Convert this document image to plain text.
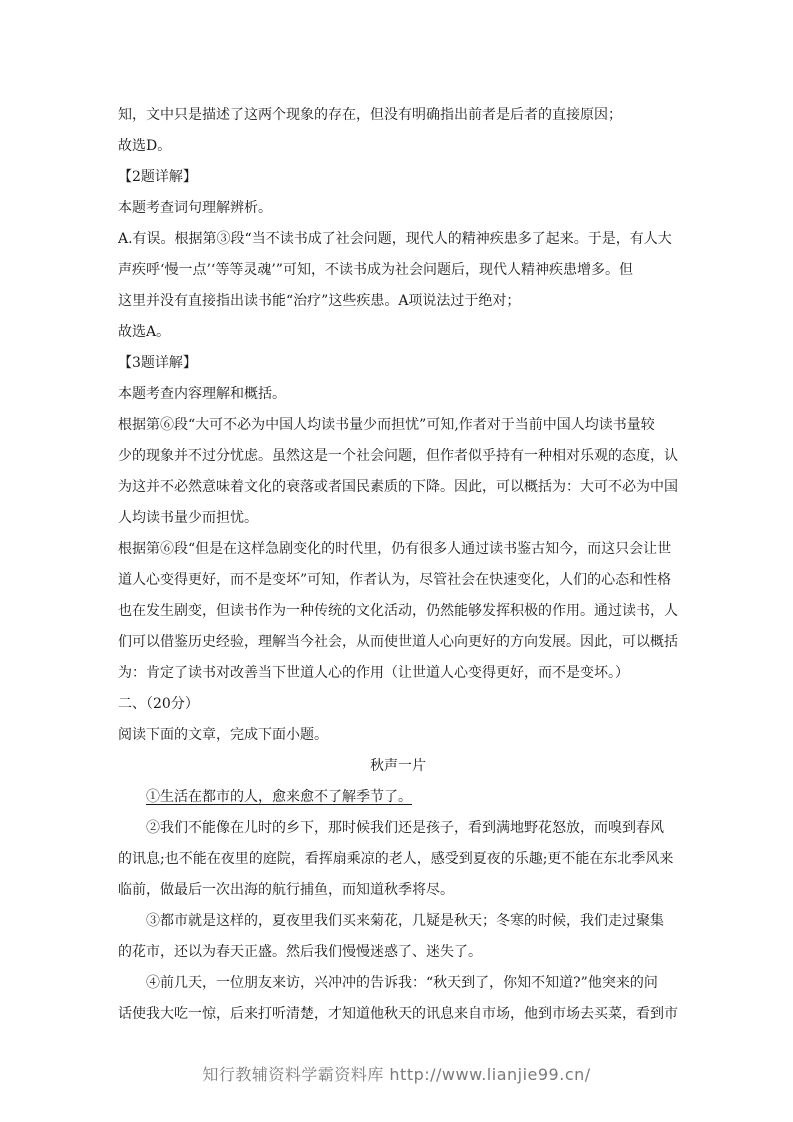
知，文中只是描述了这两个现象的存在，但没有明确指出前者是后者的直接原因；
故选D。
【2题详解】
本题考查词句理解辨析。
A.有误。根据第③段“当不读书成了社会问题，现代人的精神疾患多了起来。于是，有人大
声疾呼‘慢一点’‘等等灵魂’”可知，不读书成为社会问题后，现代人精神疾患增多。但
这里并没有直接指出读书能“治疗”这些疾患。A项说法过于绝对；
故选A。
【3题详解】
本题考查内容理解和概括。
根据第⑥段“大可不必为中国人均读书量少而担忧”可知,作者对于当前中国人均读书量较
少的现象并不过分忧虑。虽然这是一个社会问题，但作者似乎持有一种相对乐观的态度，认
为这并不必然意味着文化的衰落或者国民素质的下降。因此，可以概括为：大可不必为中国
人均读书量少而担忧。
根据第⑥段“但是在这样急剧变化的时代里，仍有很多人通过读书鉴古知今，而这只会让世
道人心变得更好，而不是变坏”可知，作者认为，尽管社会在快速变化，人们的心态和性格
也在发生剧变，但读书作为一种传统的文化活动，仍然能够发挥积极的作用。通过读书，人
们可以借鉴历史经验，理解当今社会，从而使世道人心向更好的方向发展。因此，可以概括
为：肯定了读书对改善当下世道人心的作用（让世道人心变得更好，而不是变坏。）
二、（20分）
阅读下面的文章，完成下面小题。
秋声一片
①生活在都市的人，愈来愈不了解季节了。
②我们不能像在儿时的乡下，那时候我们还是孩子，看到满地野花怒放，而嗅到春风
的讯息;也不能在夜里的庭院，看挥扇乘凉的老人，感受到夏夜的乐趣;更不能在东北季风来
临前，做最后一次出海的航行捕鱼，而知道秋季将尽。
③都市就是这样的，夏夜里我们买来菊花，几疑是秋天；冬寒的时候，我们走过聚集
的花市，还以为春天正盛。然后我们慢慢迷惑了、迷失了。
④前几天，一位朋友来访，兴冲冲的告诉我：“秋天到了，你知不知道?”他突来的问
话使我大吃一惊，后来打听清楚，才知道他秋天的讯息来自市场，他到市场去买菜，看到市
知行教辅资料学霸资料库 http://www.lianjie99.cn/
